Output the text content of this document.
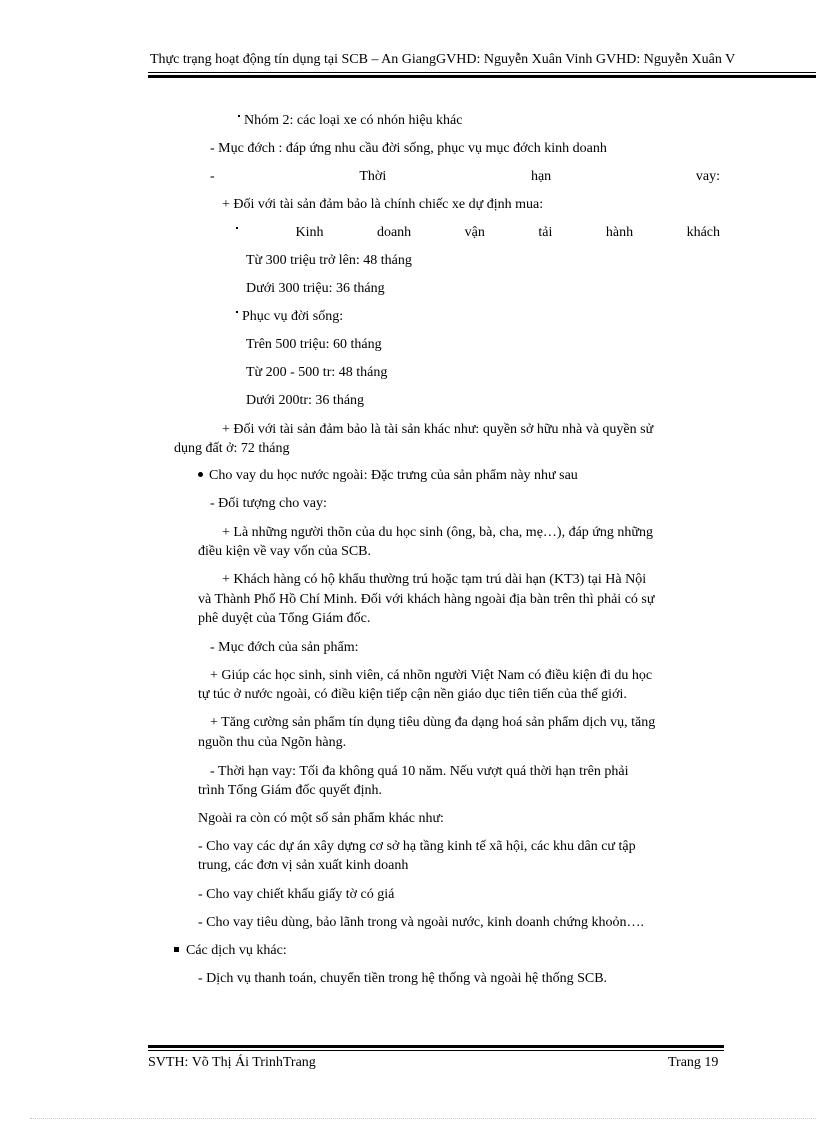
Thực trạng hoạt động tín dụng tại SCB – An GiangGVHD: Nguyễn Xuân Vinh GVHD: Nguyễn Xuân V
Nhóm 2: các loại xe có nhón hiệu khác
- Mục đớch : đáp ứng nhu cầu đời sống, phục vụ mục đớch kinh doanh
-	Thời	hạn	vay:
+ Đối với tài sản đảm bảo là chính chiếc xe dự định mua:
Kinh	doanh	vận	tải	hành	khách
Từ 300 triệu trở lên: 48 tháng
Dưới 300 triệu: 36 tháng
Phục vụ đời sống:
Trên 500 triệu: 60 tháng
Từ 200 - 500 tr: 48 tháng
Dưới 200tr: 36 tháng
+ Đối với tài sản đảm bảo là tài sản khác như: quyền sở hữu nhà và quyền sử
dụng đất ở: 72 tháng
Cho vay du học nước ngoài: Đặc trưng của sản phẩm này như sau
- Đối tượng cho vay:
+ Là những người thõn của du học sinh (ông, bà, cha, mẹ…), đáp ứng những
điều kiện về vay vốn của SCB.
+ Khách hàng có hộ khẩu thường trú hoặc tạm trú dài hạn (KT3) tại Hà Nội
và Thành Phố Hồ Chí Minh. Đối với khách hàng ngoài địa bàn trên thì phải có sự
phê duyệt của Tổng Giám đốc.
- Mục đớch của sản phẩm:
+ Giúp các học sinh, sinh viên, cá nhõn người Việt Nam có điều kiện đi du học
tự túc ở nước ngoài, có điều kiện tiếp cận nền giáo dục tiên tiến của thế giới.
+ Tăng cường sản phẩm tín dụng tiêu dùng đa dạng hoá sản phẩm dịch vụ, tăng
nguồn thu của Ngõn hàng.
- Thời hạn vay: Tối đa không quá 10 năm. Nếu vượt quá thời hạn trên phải
trình Tổng Giám đốc quyết định.
Ngoài ra còn có một số sản phẩm khác như:
- Cho vay các dự án xây dựng cơ sở hạ tầng kinh tế xã hội, các khu dân cư tập
trung, các đơn vị sản xuất kinh doanh
- Cho vay chiết khấu giấy tờ có giá
- Cho vay tiêu dùng, bảo lãnh trong và ngoài nước, kinh doanh chứng khoỏn….
Các dịch vụ khác:
- Dịch vụ thanh toán, chuyển tiền trong hệ thống và ngoài hệ thống SCB.
SVTH: Võ Thị Ái TrinhTrang	Trang 19
